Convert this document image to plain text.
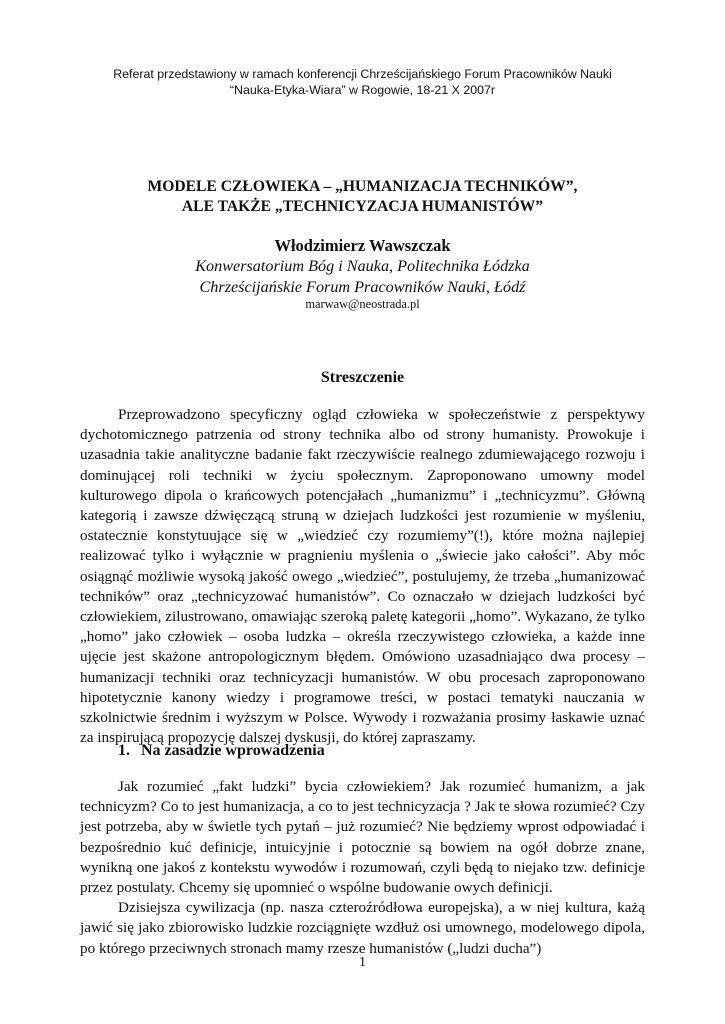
Referat przedstawiony w ramach konferencji Chrześcijańskiego Forum Pracowników Nauki
“Nauka-Etyka-Wiara” w Rogowie, 18-21 X 2007r
MODELE CZŁOWIEKA – „HUMANIZACJA TECHNIKÓW”,
ALE TAKŻE „TECHNICYZACJA HUMANISTÓW”
Włodzimierz Wawszczak
Konwersatorium Bóg i Nauka, Politechnika Łódzka
Chrześcijańskie Forum Pracowników Nauki, Łódź
marwaw@neostrada.pl
Streszczenie

Przeprowadzono specyficzny ogląd człowieka w społeczeństwie z perspektywy dychotomicznego patrzenia od strony technika albo od strony humanisty. Prowokuje i uzasadnia takie analityczne badanie fakt rzeczywiście realnego zdumiewającego rozwoju i dominującej roli techniki w życiu społecznym. Zaproponowano umowny model kulturowego dipola o krańcowych potencjałach „humanizmu” i „technicyzmu”. Główną kategorią i zawsze dźwięczącą struną w dziejach ludzkości jest rozumienie w myśleniu, ostatecznie konstytuujące się w „wiedzieć czy rozumiemy”(!), które można najlepiej realizować tylko i wyłącznie w pragnieniu myślenia o „świecie jako całości”. Aby móc osiągnąć możliwie wysoką jakość owego „wiedzieć”, postulujemy, że trzeba „humanizować techników” oraz „technicyzować humanistów”. Co oznaczało w dziejach ludzkości być człowiekiem, zilustrowano, omawiając szeroką paletę kategorii „homo”. Wykazano, że tylko „homo” jako człowiek – osoba ludzka – określa rzeczywistego człowieka, a każde inne ujęcie jest skażone antropologicznym błędem. Omówiono uzasadniająco dwa procesy – humanizacji techniki oraz technicyzacji humanistów. W obu procesach zaproponowano hipotetycznie kanony wiedzy i programowe treści, w postaci tematyki nauczania w szkolnictwie średnim i wyższym w Polsce. Wywody i rozważania prosimy łaskawie uznać za inspirującą propozycję dalszej dyskusji, do której zapraszamy.

1. Na zasadzie wprowadzenia

Jak rozumieć „fakt ludzki” bycia człowiekiem? Jak rozumieć humanizm, a jak technicyzm? Co to jest humanizacja, a co to jest technicyzacja ? Jak te słowa rozumieć? Czy jest potrzeba, aby w świetle tych pytań – już rozumieć? Nie będziemy wprost odpowiadać i bezpośrednio kuć definicje, intuicyjnie i potocznie są bowiem na ogół dobrze znane, wynikną one jakoś z kontekstu wywodów i rozumowań, czyli będą to niejako tzw. definicje przez postulaty. Chcemy się upomnieć o wspólne budowanie owych definicji.

Dzisiejsza cywilizacja (np. nasza czteroźródłowa europejska), a w niej kultura, każą jawić się jako zbiorowisko ludzkie rozciągnięte wzdłuż osi umownego, modelowego dipola, po którego przeciwnych stronach mamy rzesze humanistów („ludzi ducha”)

1
